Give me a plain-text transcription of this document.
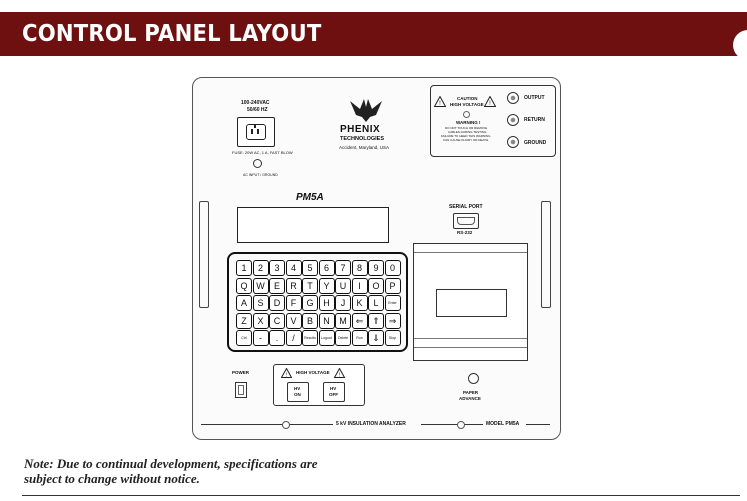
CONTROL PANEL LAYOUT
100-240VAC
50/60 HZ
FUSE: 20W AC, 1 A, FAST BLOW
AC INPUT / GROUND
PHENIX
TECHNOLOGIES
Accident, Maryland, USA
!	!
CAUTION
HIGH VOLTAGE
WARNING !
DO NOT TOUCH OR REMOVE
CABLES DURING TESTING.
FAILURE TO HEED THIS WARNING
CAN CAUSE INJURY OR DEATH.
OUTPUT
RETURN
GROUND
PM5A
SERIAL PORT
RS-232
1	2	3	4	5	6	7	8	9	0
Q W	E	R	T	Y	U	I	O	P
A	S	D	F	G	H	J	K	L	Enter
Z	X	C	V	B	N	M ⇐ ⇑ ⇒
Ctrl	-	.	/	Results	Logout	Delete	Run	⇓	Stop
POWER	! HIGH VOLTAGE !
HV
ON
HV
OFF	PAPER
ADVANCE
5 kV INSULATION ANALYZER	MODEL PM5A
Note: Due to continual development, specifications are
subject to change without notice.
